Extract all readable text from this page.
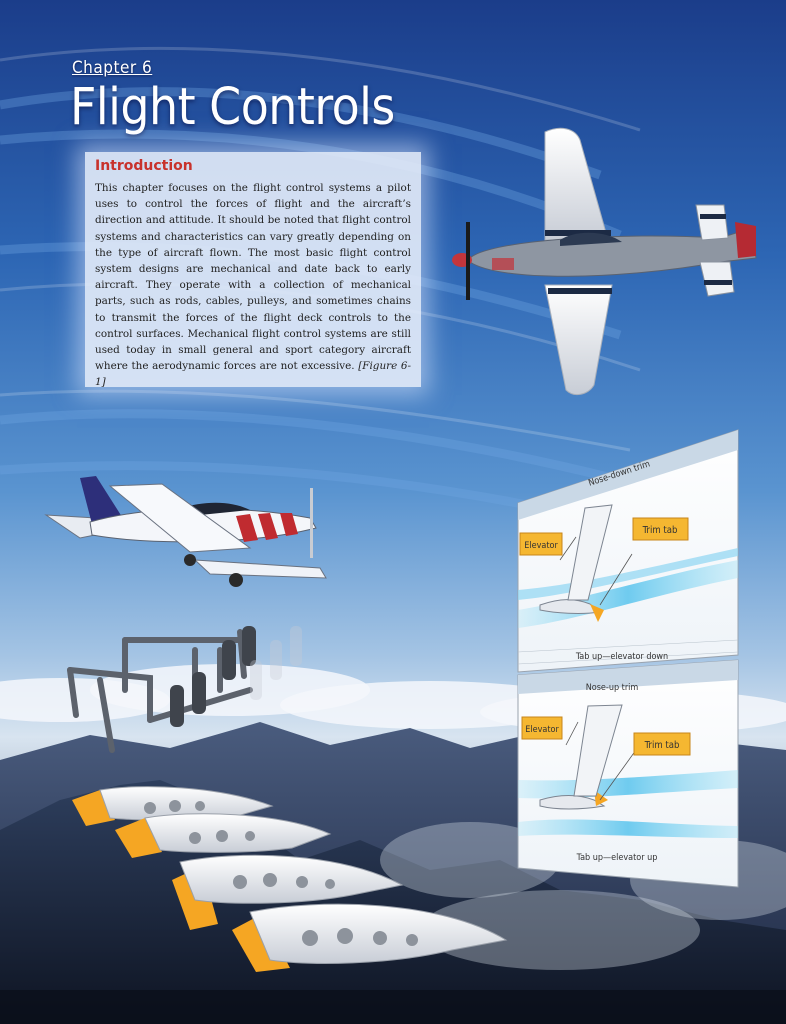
Chapter 6
Flight Controls
Introduction

This chapter focuses on the flight control systems a pilot uses to control the forces of flight and the aircraft’s direction and attitude. It should be noted that flight control systems and characteristics can vary greatly depending on the type of aircraft flown. The most basic flight control system designs are mechanical and date back to early aircraft. They operate with a collection of mechanical parts, such as rods, cables, pulleys, and sometimes chains to transmit the forces of the flight deck controls to the control surfaces. Mechanical flight control systems are still used today in small general and sport category aircraft where the aerodynamic forces are not excessive. [Figure 6-1]

Nose-down trim
Elevator
Trim tab
Tab up—elevator down
Nose-up trim
Elevator
Trim tab
Tab up—elevator up
